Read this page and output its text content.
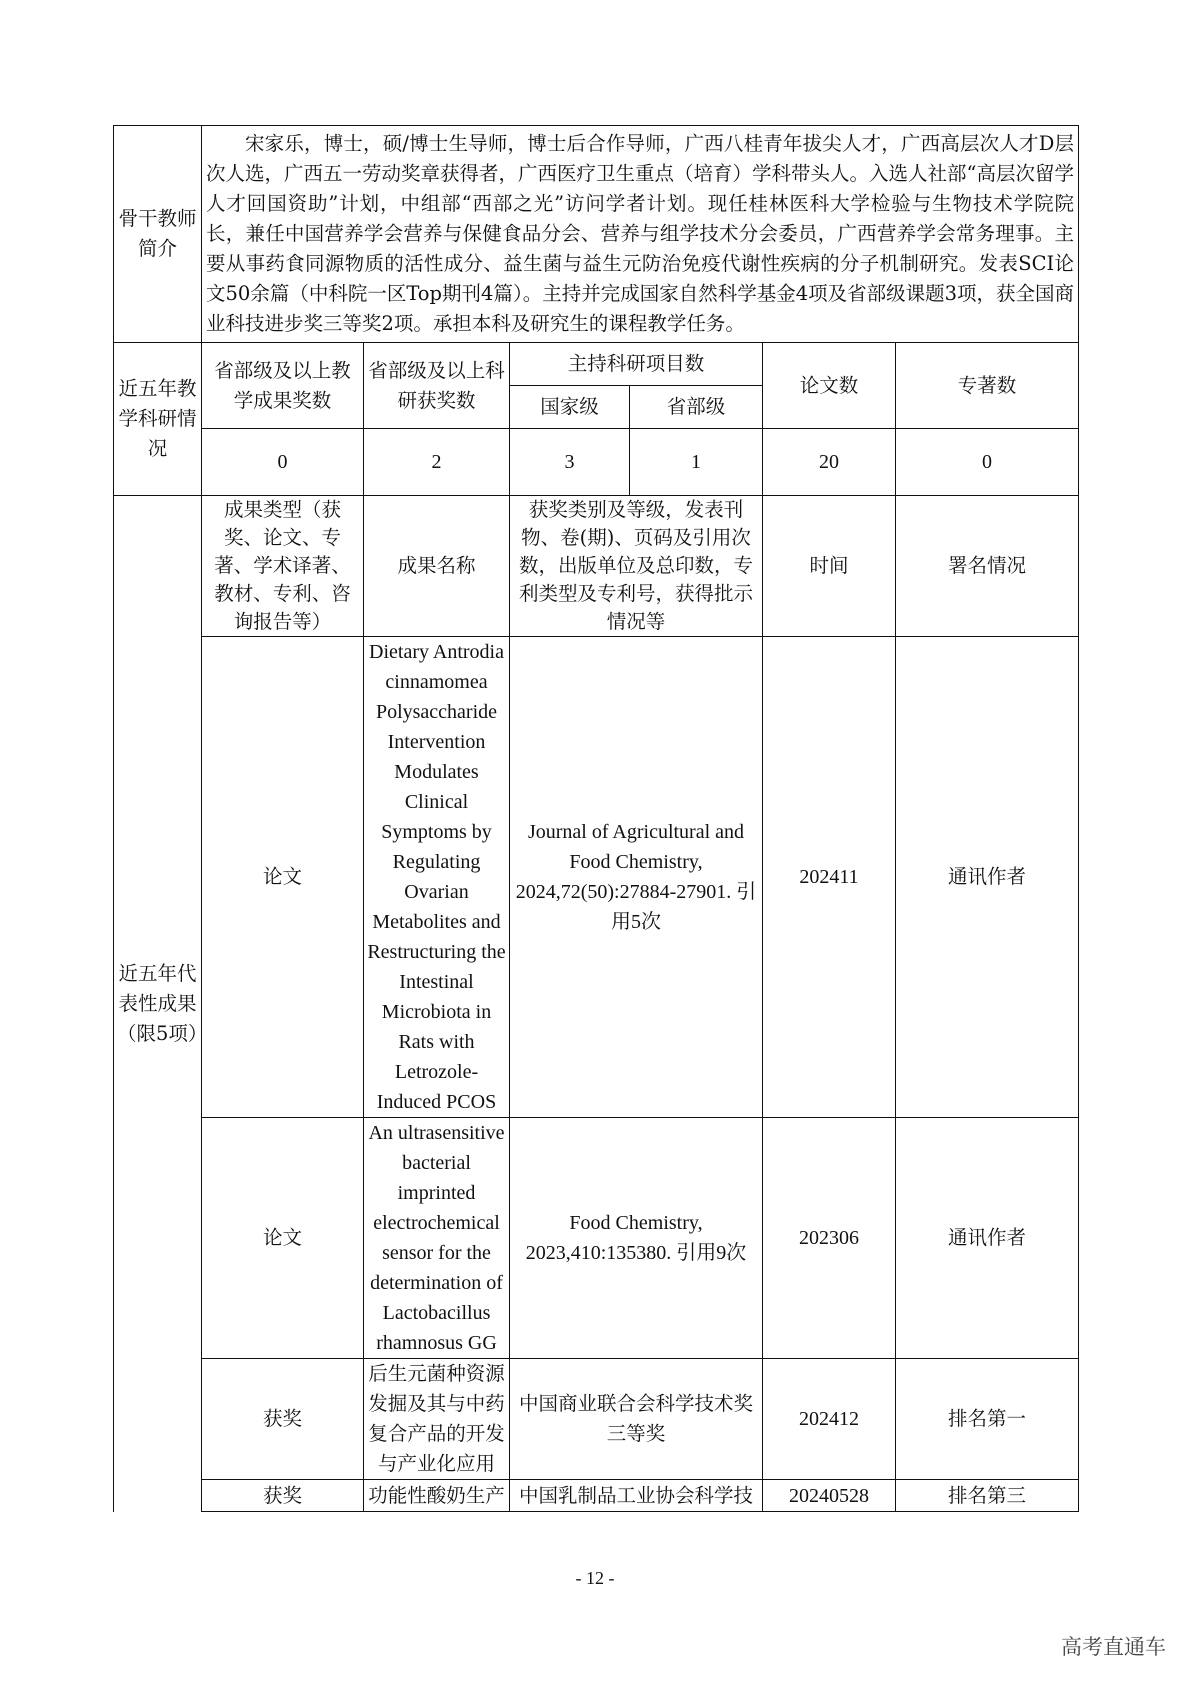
骨干教师简介	宋家乐，博士，硕/博士生导师，博士后合作导师，广西八桂青年拔尖人才，广西高层次人才D层次人选，广西五一劳动奖章获得者，广西医疗卫生重点（培育）学科带头人。入选人社部“高层次留学人才回国资助”计划，中组部“西部之光”访问学者计划。现任桂林医科大学检验与生物技术学院院长，兼任中国营养学会营养与保健食品分会、营养与组学技术分会委员，广西营养学会常务理事。主要从事药食同源物质的活性成分、益生菌与益生元防治免疫代谢性疾病的分子机制研究。发表SCI论文50余篇（中科院一区Top期刊4篇）。主持并完成国家自然科学基金4项及省部级课题3项，获全国商业科技进步奖三等奖2项。承担本科及研究生的课程教学任务。					
近五年教学科研情况	省部级及以上教学成果奖数	省部级及以上科研获奖数	主持科研项目数		论文数	专著数
			国家级	省部级		
	0	2	3	1	20	0
近五年代表性成果（限5项）	成果类型（获奖、论文、专著、学术译著、教材、专利、咨询报告等）	成果名称	获奖类别及等级，发表刊物、卷(期)、页码及引用次数，出版单位及总印数，专利类型及专利号，获得批示情况等		时间	署名情况
	论文	Dietary Antrodia cinnamomea Polysaccharide Intervention Modulates Clinical Symptoms by Regulating Ovarian Metabolites and Restructuring the Intestinal Microbiota in Rats with Letrozole-Induced PCOS	Journal of Agricultural and Food Chemistry, 2024,72(50):27884-27901. 引用5次		202411	通讯作者
	论文	An ultrasensitive bacterial imprinted electrochemical sensor for the determination of Lactobacillus rhamnosus GG	Food Chemistry, 2023,410:135380. 引用9次		202306	通讯作者
	获奖	后生元菌种资源发掘及其与中药复合产品的开发与产业化应用	中国商业联合会科学技术奖三等奖		202412	排名第一
	获奖	功能性酸奶生产	中国乳制品工业协会科学技		20240528	排名第三
- 12 -
高考直通车
